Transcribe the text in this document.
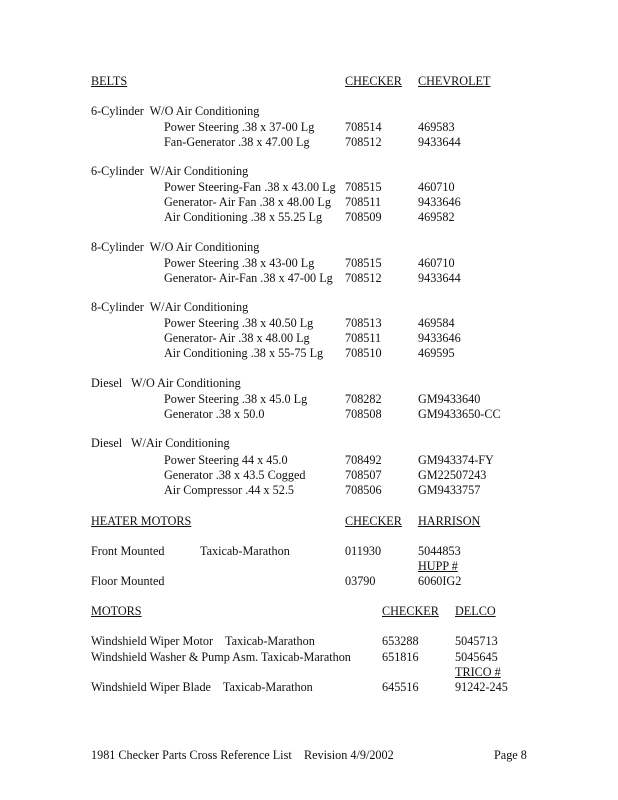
BELTS	CHECKER CHEVROLET
6-Cylinder  W/O Air Conditioning
Power Steering .38 x 37-00 Lg	708514	469583
Fan-Generator .38 x 47.00 Lg	708512	9433644
6-Cylinder  W/Air Conditioning
Power Steering-Fan .38 x 43.00 Lg 708515	460710
Generator- Air Fan .38 x 48.00 Lg 708511	9433646
Air Conditioning .38 x 55.25 Lg 708509	469582
8-Cylinder  W/O Air Conditioning
Power Steering .38 x 43-00 Lg	708515	460710
Generator- Air-Fan .38 x 47-00 Lg 708512	9433644
8-Cylinder  W/Air Conditioning
Power Steering .38 x 40.50 Lg	708513	469584
Generator- Air .38 x 48.00 Lg	708511	9433646
Air Conditioning .38 x 55-75 Lg 708510	469595
Diesel   W/O Air Conditioning
Power Steering .38 x 45.0 Lg	708282	GM9433640
Generator .38 x 50.0	708508	GM9433650-CC
Diesel   W/Air Conditioning
Power Steering 44 x 45.0	708492	GM943374-FY
Generator .38 x 43.5 Cogged	708507	GM22507243
Air Compressor .44 x 52.5	708506	GM9433757
HEATER MOTORS	CHECKER HARRISON
Front Mounted	Taxicab-Marathon	011930	5044853
HUPP #
Floor Mounted	03790	6060IG2
MOTORS	CHECKER DELCO
Windshield Wiper Motor    Taxicab-Marathon	653288	5045713
Windshield Washer & Pump Asm. Taxicab-Marathon	651816	5045645
TRICO #
Windshield Wiper Blade    Taxicab-Marathon	645516	91242-245
1981 Checker Parts Cross Reference List Revision 4/9/2002	Page 8
